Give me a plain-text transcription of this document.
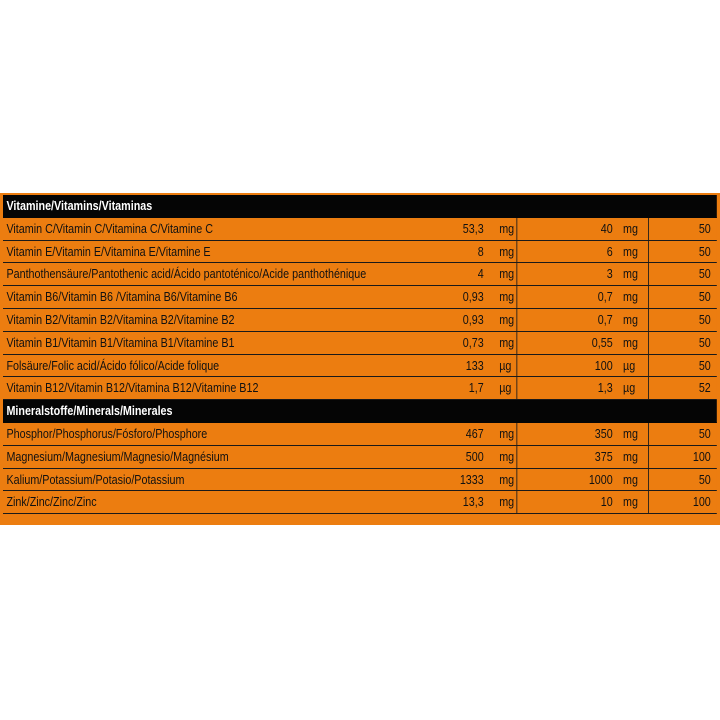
Vitamine/Vitamins/Vitaminas
Vitamin C/Vitamin C/Vitamina C/Vitamine C	53,3 mg	40 mg	50
Vitamin E/Vitamin E/Vitamina E/Vitamine E	8 mg	6 mg	50
Panthothensäure/Pantothenic acid/Ácido pantoténico/Acide panthothénique	4 mg	3 mg	50
Vitamin B6/Vitamin B6 /Vitamina B6/Vitamine B6	0,93 mg	0,7 mg	50
Vitamin B2/Vitamin B2/Vitamina B2/Vitamine B2	0,93 mg	0,7 mg	50
Vitamin B1/Vitamin B1/Vitamina B1/Vitamine B1	0,73 mg	0,55 mg	50
Folsäure/Folic acid/Ácido fólico/Acide folique	133 µg	100 µg	50
Vitamin B12/Vitamin B12/Vitamina B12/Vitamine B12	1,7 µg	1,3 µg	52
Mineralstoffe/Minerals/Minerales
Phosphor/Phosphorus/Fósforo/Phosphore	467 mg	350 mg	50
Magnesium/Magnesium/Magnesio/Magnésium	500 mg	375 mg	100
Kalium/Potassium/Potasio/Potassium	1333 mg	1000 mg	50
Zink/Zinc/Zinc/Zinc	13,3 mg	10 mg	100
